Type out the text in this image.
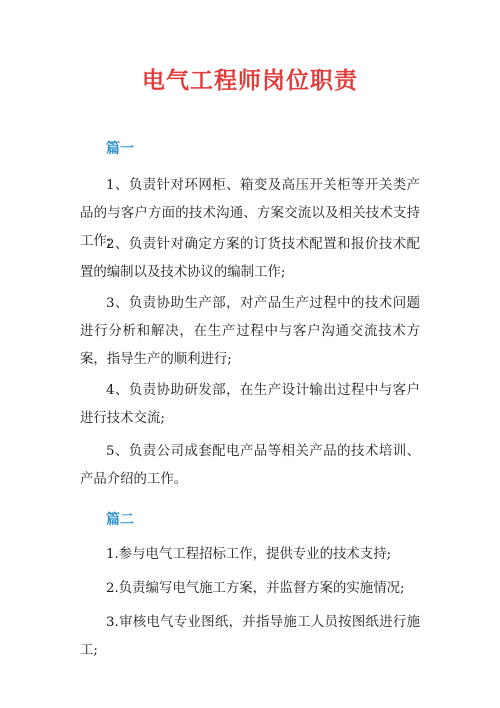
电气工程师岗位职责
篇一

1、负责针对环网柜、箱变及高压开关柜等开关类产品的与客户方面的技术沟通、方案交流以及相关技术支持工作;

2、负责针对确定方案的订货技术配置和报价技术配置的编制以及技术协议的编制工作;

3、负责协助生产部，对产品生产过程中的技术问题进行分析和解决，在生产过程中与客户沟通交流技术方案，指导生产的顺利进行;

4、负责协助研发部，在生产设计输出过程中与客户进行技术交流;

5、负责公司成套配电产品等相关产品的技术培训、产品介绍的工作。

篇二

1.参与电气工程招标工作，提供专业的技术支持;

2.负责编写电气施工方案，并监督方案的实施情况;

3.审核电气专业图纸，并指导施工人员按图纸进行施工;
